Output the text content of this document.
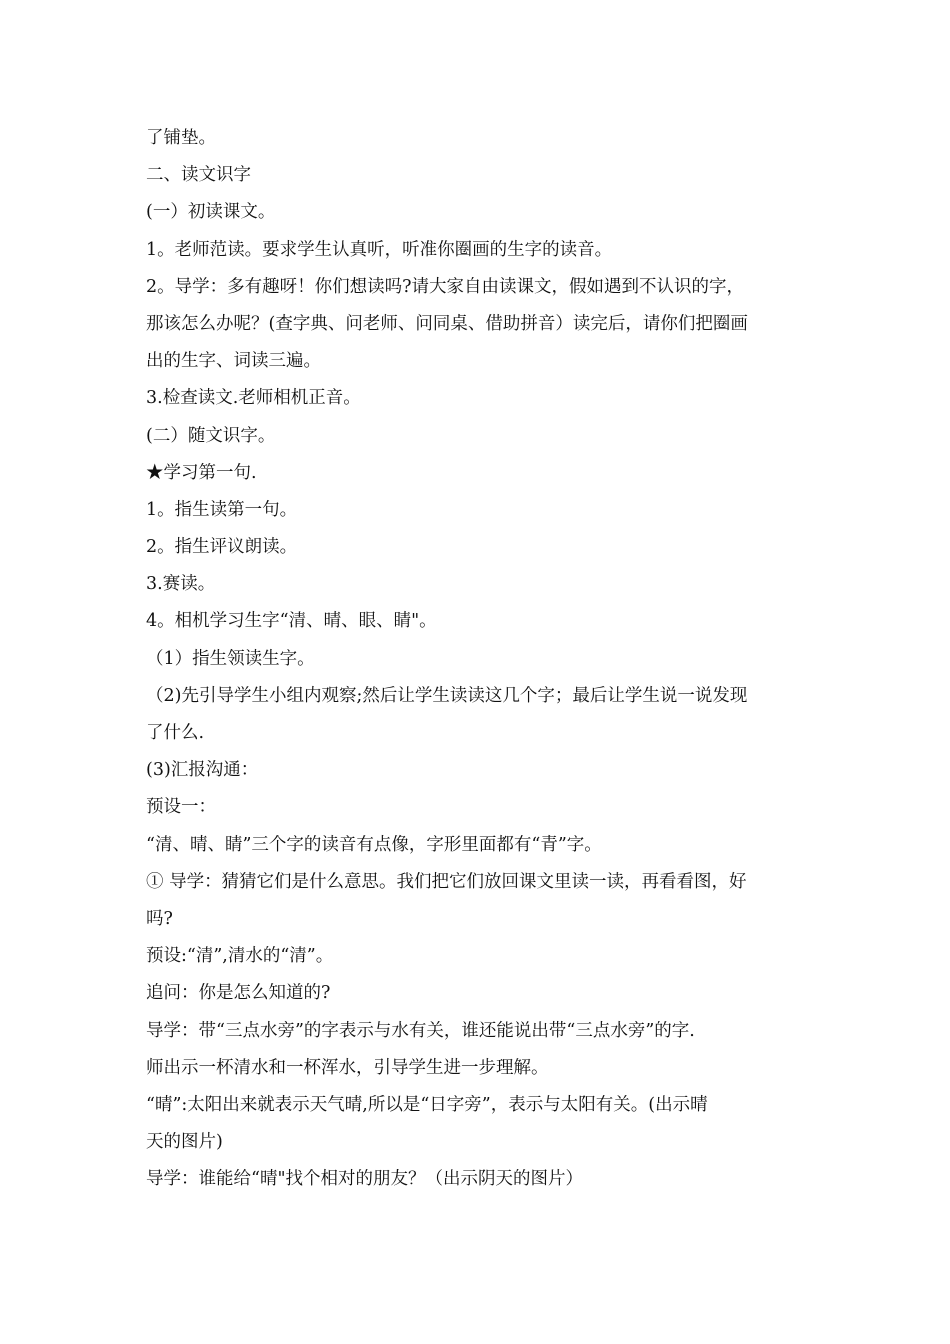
了铺垫。

二、读文识字

(一）初读课文。

1。老师范读。要求学生认真听，听准你圈画的生字的读音。

2。导学：多有趣呀！你们想读吗?请大家自由读课文，假如遇到不认识的字，

那该怎么办呢？(查字典、问老师、问同桌、借助拼音）读完后，请你们把圈画

出的生字、词读三遍。

3.检查读文.老师相机正音。

(二）随文识字。

★学习第一句.

1。指生读第一句。

2。指生评议朗读。

3.赛读。

4。相机学习生字“清、晴、眼、睛"。

（1）指生领读生字。

（2)先引导学生小组内观察;然后让学生读读这几个字；最后让学生说一说发现

了什么.

(3)汇报沟通：

预设一：

“清、晴、睛”三个字的读音有点像，字形里面都有“青”字。

① 导学：猜猜它们是什么意思。我们把它们放回课文里读一读，再看看图，好

吗?

预设:“清”,清水的“清”。

追问：你是怎么知道的?

导学：带“三点水旁”的字表示与水有关，谁还能说出带“三点水旁”的字.

师出示一杯清水和一杯浑水，引导学生进一步理解。

“晴”:太阳出来就表示天气晴,所以是“日字旁”，表示与太阳有关。(出示晴

天的图片)

导学：谁能给“晴"找个相对的朋友？（出示阴天的图片）
